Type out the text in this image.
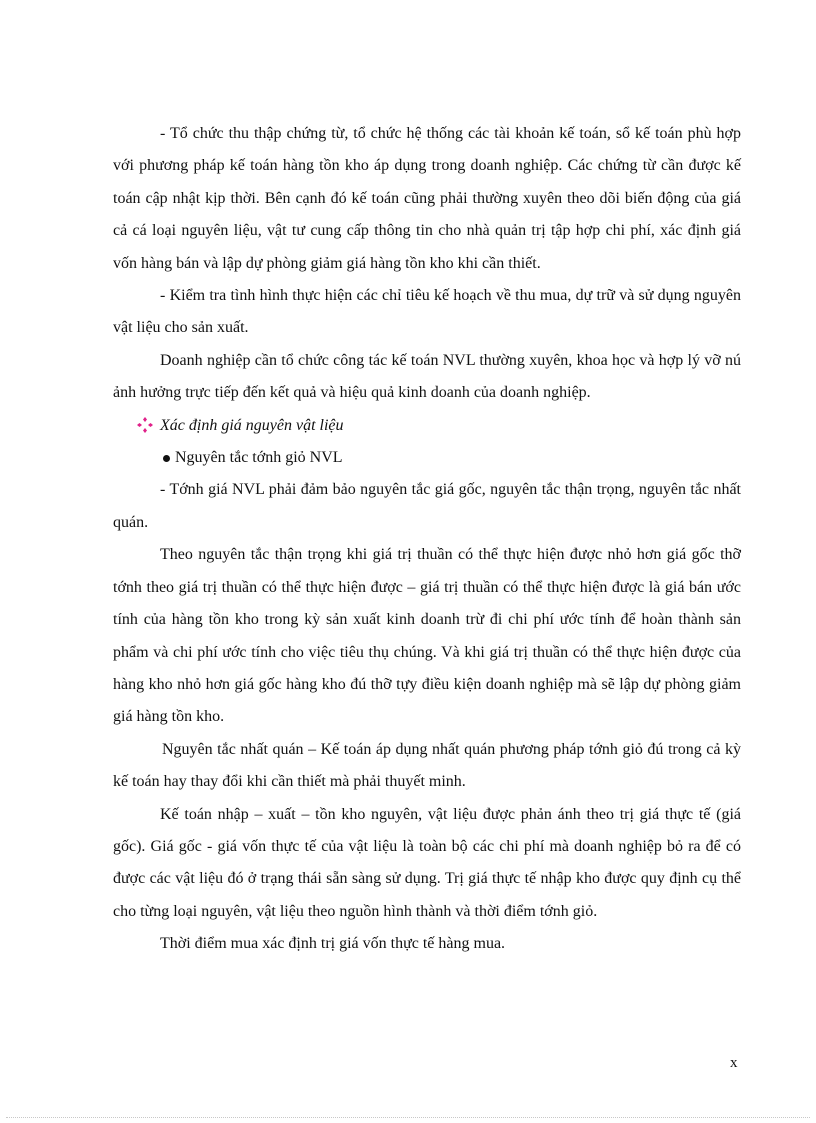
- Tổ chức thu thập chứng từ, tổ chức hệ thống các tài khoản kế toán, sổ kế toán phù hợp với phương pháp kế toán hàng tồn kho áp dụng trong doanh nghiệp. Các chứng từ cần được kế toán cập nhật kịp thời. Bên cạnh đó kế toán cũng phải thường xuyên theo dõi biến động của giá cả cá loại nguyên liệu, vật tư cung cấp thông tin cho nhà quản trị tập hợp chi phí, xác định giá vốn hàng bán và lập dự phòng giảm giá hàng tồn kho khi cần thiết.

- Kiểm tra tình hình thực hiện các chỉ tiêu kế hoạch về thu mua, dự trữ và sử dụng nguyên vật liệu cho sản xuất.

Doanh nghiệp cần tổ chức công tác kế toán NVL thường xuyên, khoa học và hợp lý vỡ nú ảnh hưởng trực tiếp đến kết quả và hiệu quả kinh doanh của doanh nghiệp.

Xác định giá nguyên vật liệu
Nguyên tắc tớnh giỏ NVL

- Tớnh giá NVL phải đảm bảo nguyên tắc giá gốc, nguyên tắc thận trọng, nguyên tắc nhất quán.

Theo nguyên tắc thận trọng khi giá trị thuần có thể thực hiện được nhỏ hơn giá gốc thỡ tớnh theo giá trị thuần có thể thực hiện được – giá trị thuần có thể thực hiện được là giá bán ước tính của hàng tồn kho trong kỳ sản xuất kinh doanh trừ đi chi phí ước tính để hoàn thành sản phẩm và chi phí ước tính cho việc tiêu thụ chúng. Và khi giá trị thuần có thể thực hiện được của hàng kho nhỏ hơn giá gốc hàng kho đú thỡ tựy điều kiện doanh nghiệp mà sẽ lập dự phòng giảm giá hàng tồn kho.

Nguyên tắc nhất quán – Kế toán áp dụng nhất quán phương pháp tớnh giỏ đú trong cả kỳ kế toán hay thay đổi khi cần thiết mà phải thuyết minh.

Kế toán nhập – xuất – tồn kho nguyên, vật liệu được phản ánh theo trị giá thực tế (giá gốc). Giá gốc - giá vốn thực tế của vật liệu là toàn bộ các chi phí mà doanh nghiệp bỏ ra để có được các vật liệu đó ở trạng thái sẵn sàng sử dụng. Trị giá thực tế nhập kho được quy định cụ thể cho từng loại nguyên, vật liệu theo nguồn hình thành và thời điểm tớnh giỏ.

Thời điểm mua xác định trị giá vốn thực tế hàng mua.

x
